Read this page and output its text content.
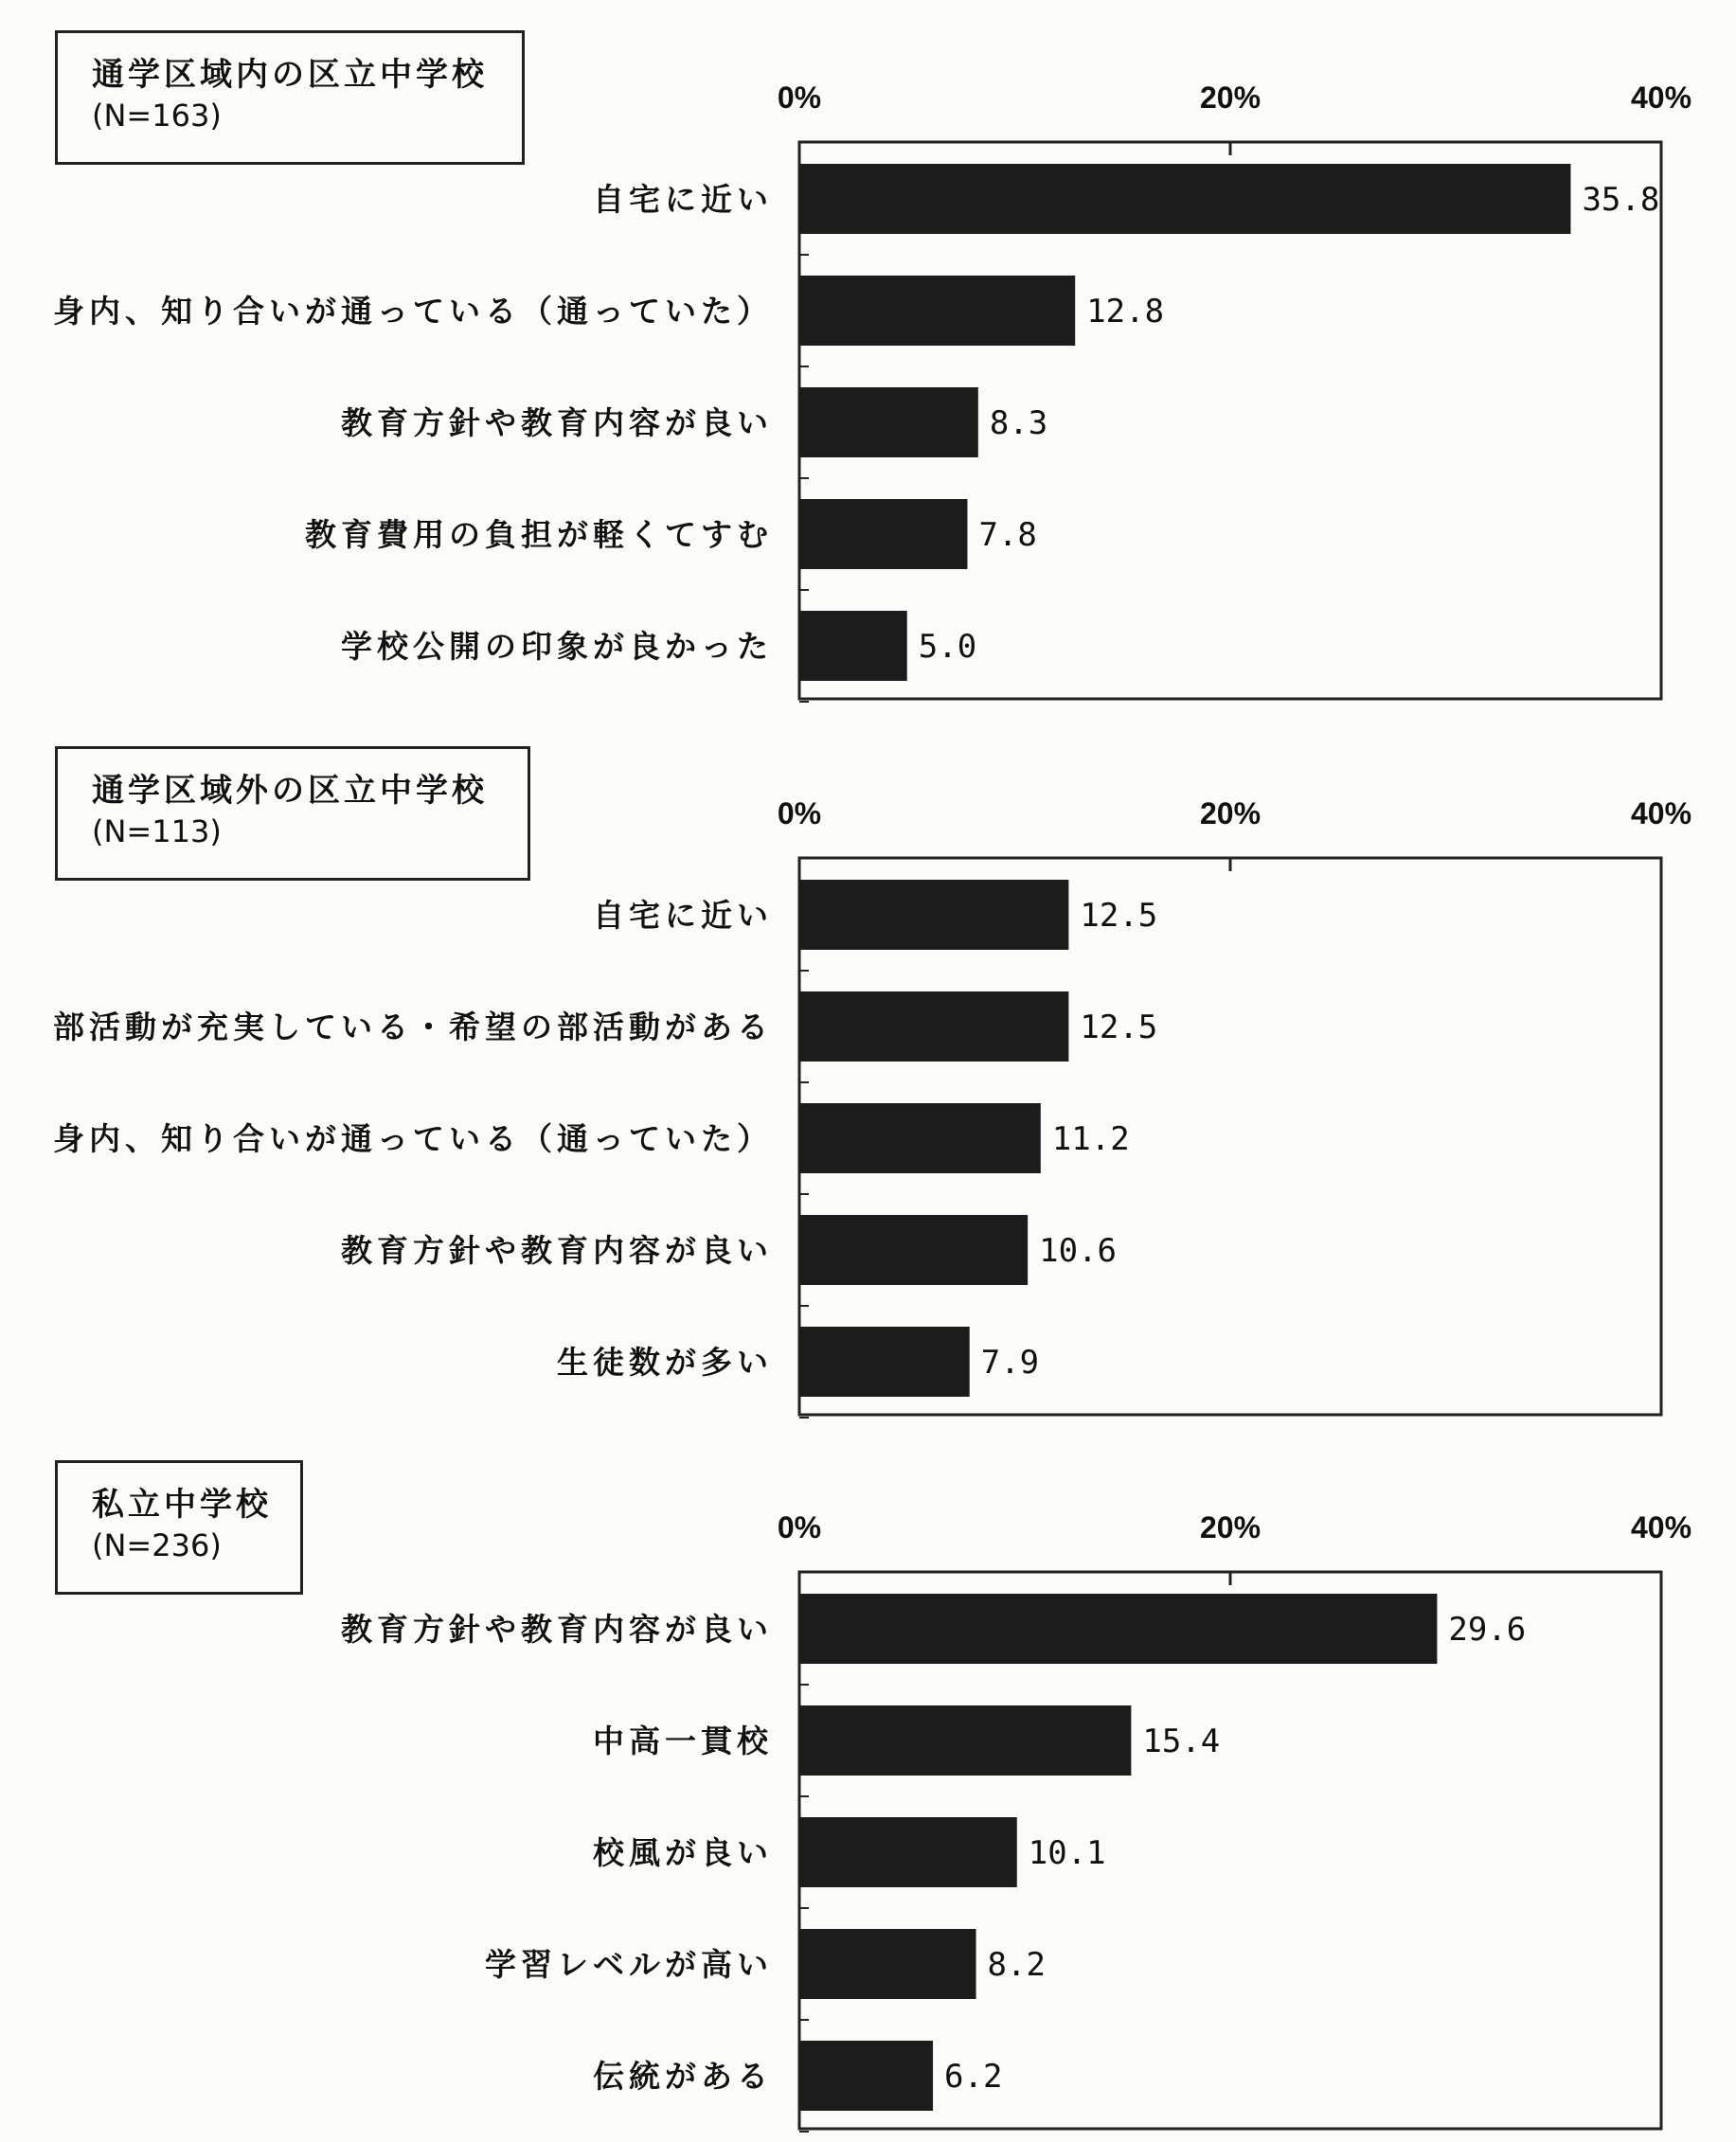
0%	20%	40%
自宅に近い	35.8
身内、知り合いが通っている（通っていた）	12.8
教育方針や教育内容が良い	8.3
教育費用の負担が軽くてすむ	7.8
学校公開の印象が良かった	5.0
通学区域内の区立中学校
(N=163)
0%	20%	40%
自宅に近い	12.5
部活動が充実している・希望の部活動がある	12.5
身内、知り合いが通っている（通っていた）	11.2
教育方針や教育内容が良い	10.6
生徒数が多い	7.9
通学区域外の区立中学校
(N=113)
0%	20%	40%
教育方針や教育内容が良い	29.6
中高一貫校	15.4
校風が良い	10.1
学習レベルが高い	8.2
伝統がある	6.2
私立中学校
(N=236)
